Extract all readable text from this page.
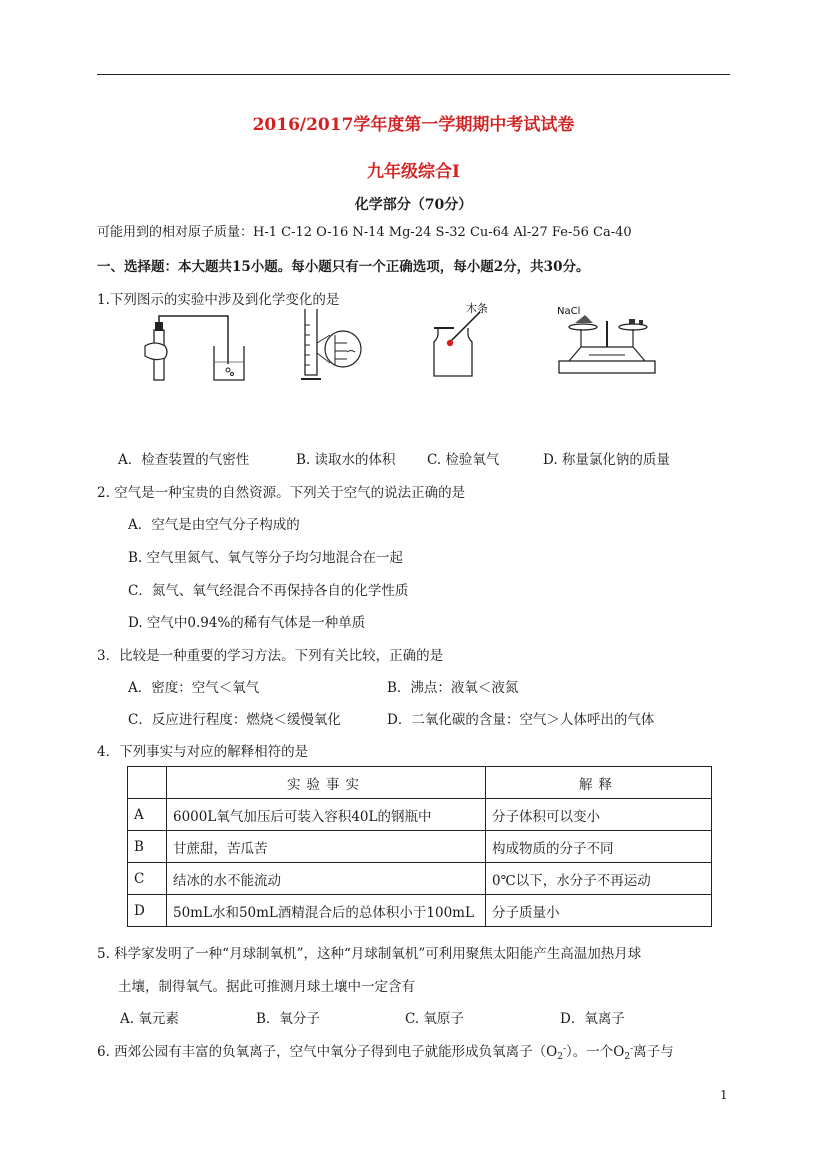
2016/2017学年度第一学期期中考试试卷
九年级综合Ⅰ
化学部分（70分）
可能用到的相对原子质量：H-1 C-12 O-16 N-14 Mg-24 S-32 Cu-64 Al-27 Fe-56 Ca-40
一、选择题：本大题共15小题。每小题只有一个正确选项，每小题2分，共30分。
1.下列图示的实验中涉及到化学变化的是
木条	NaCl
A．检查装置的气密性	B. 读取水的体积 C. 检验氧气	D. 称量氯化钠的质量
2. 空气是一种宝贵的自然资源。下列关于空气的说法正确的是
A．空气是由空气分子构成的
B. 空气里氮气、氧气等分子均匀地混合在一起
C．氮气、氧气经混合不再保持各自的化学性质
D. 空气中0.94%的稀有气体是一种单质
3．比较是一种重要的学习方法。下列有关比较，正确的是
A．密度：空气＜氧气	B．沸点：液氧＜液氮
C．反应进行程度：燃烧＜缓慢氧化	D．二氧化碳的含量：空气＞人体呼出的气体
4．下列事实与对应的解释相符的是
	实验事实	解释
A	6000L氧气加压后可装入容积40L的钢瓶中	分子体积可以变小
B	甘蔗甜，苦瓜苦	构成物质的分子不同
C	结冰的水不能流动	0℃以下，水分子不再运动
D	50mL水和50mL酒精混合后的总体积小于100mL	分子质量小
5. 科学家发明了一种“月球制氧机”，这种“月球制氧机”可利用聚焦太阳能产生高温加热月球
土壤，制得氧气。据此可推测月球土壤中一定含有
A. 氧元素	B．氧分子	C. 氧原子	D．氧离子
6. 西郊公园有丰富的负氧离子，空气中氧分子得到电子就能形成负氧离子$(O_2^-)$。一个$O_2^-$离子与
1
